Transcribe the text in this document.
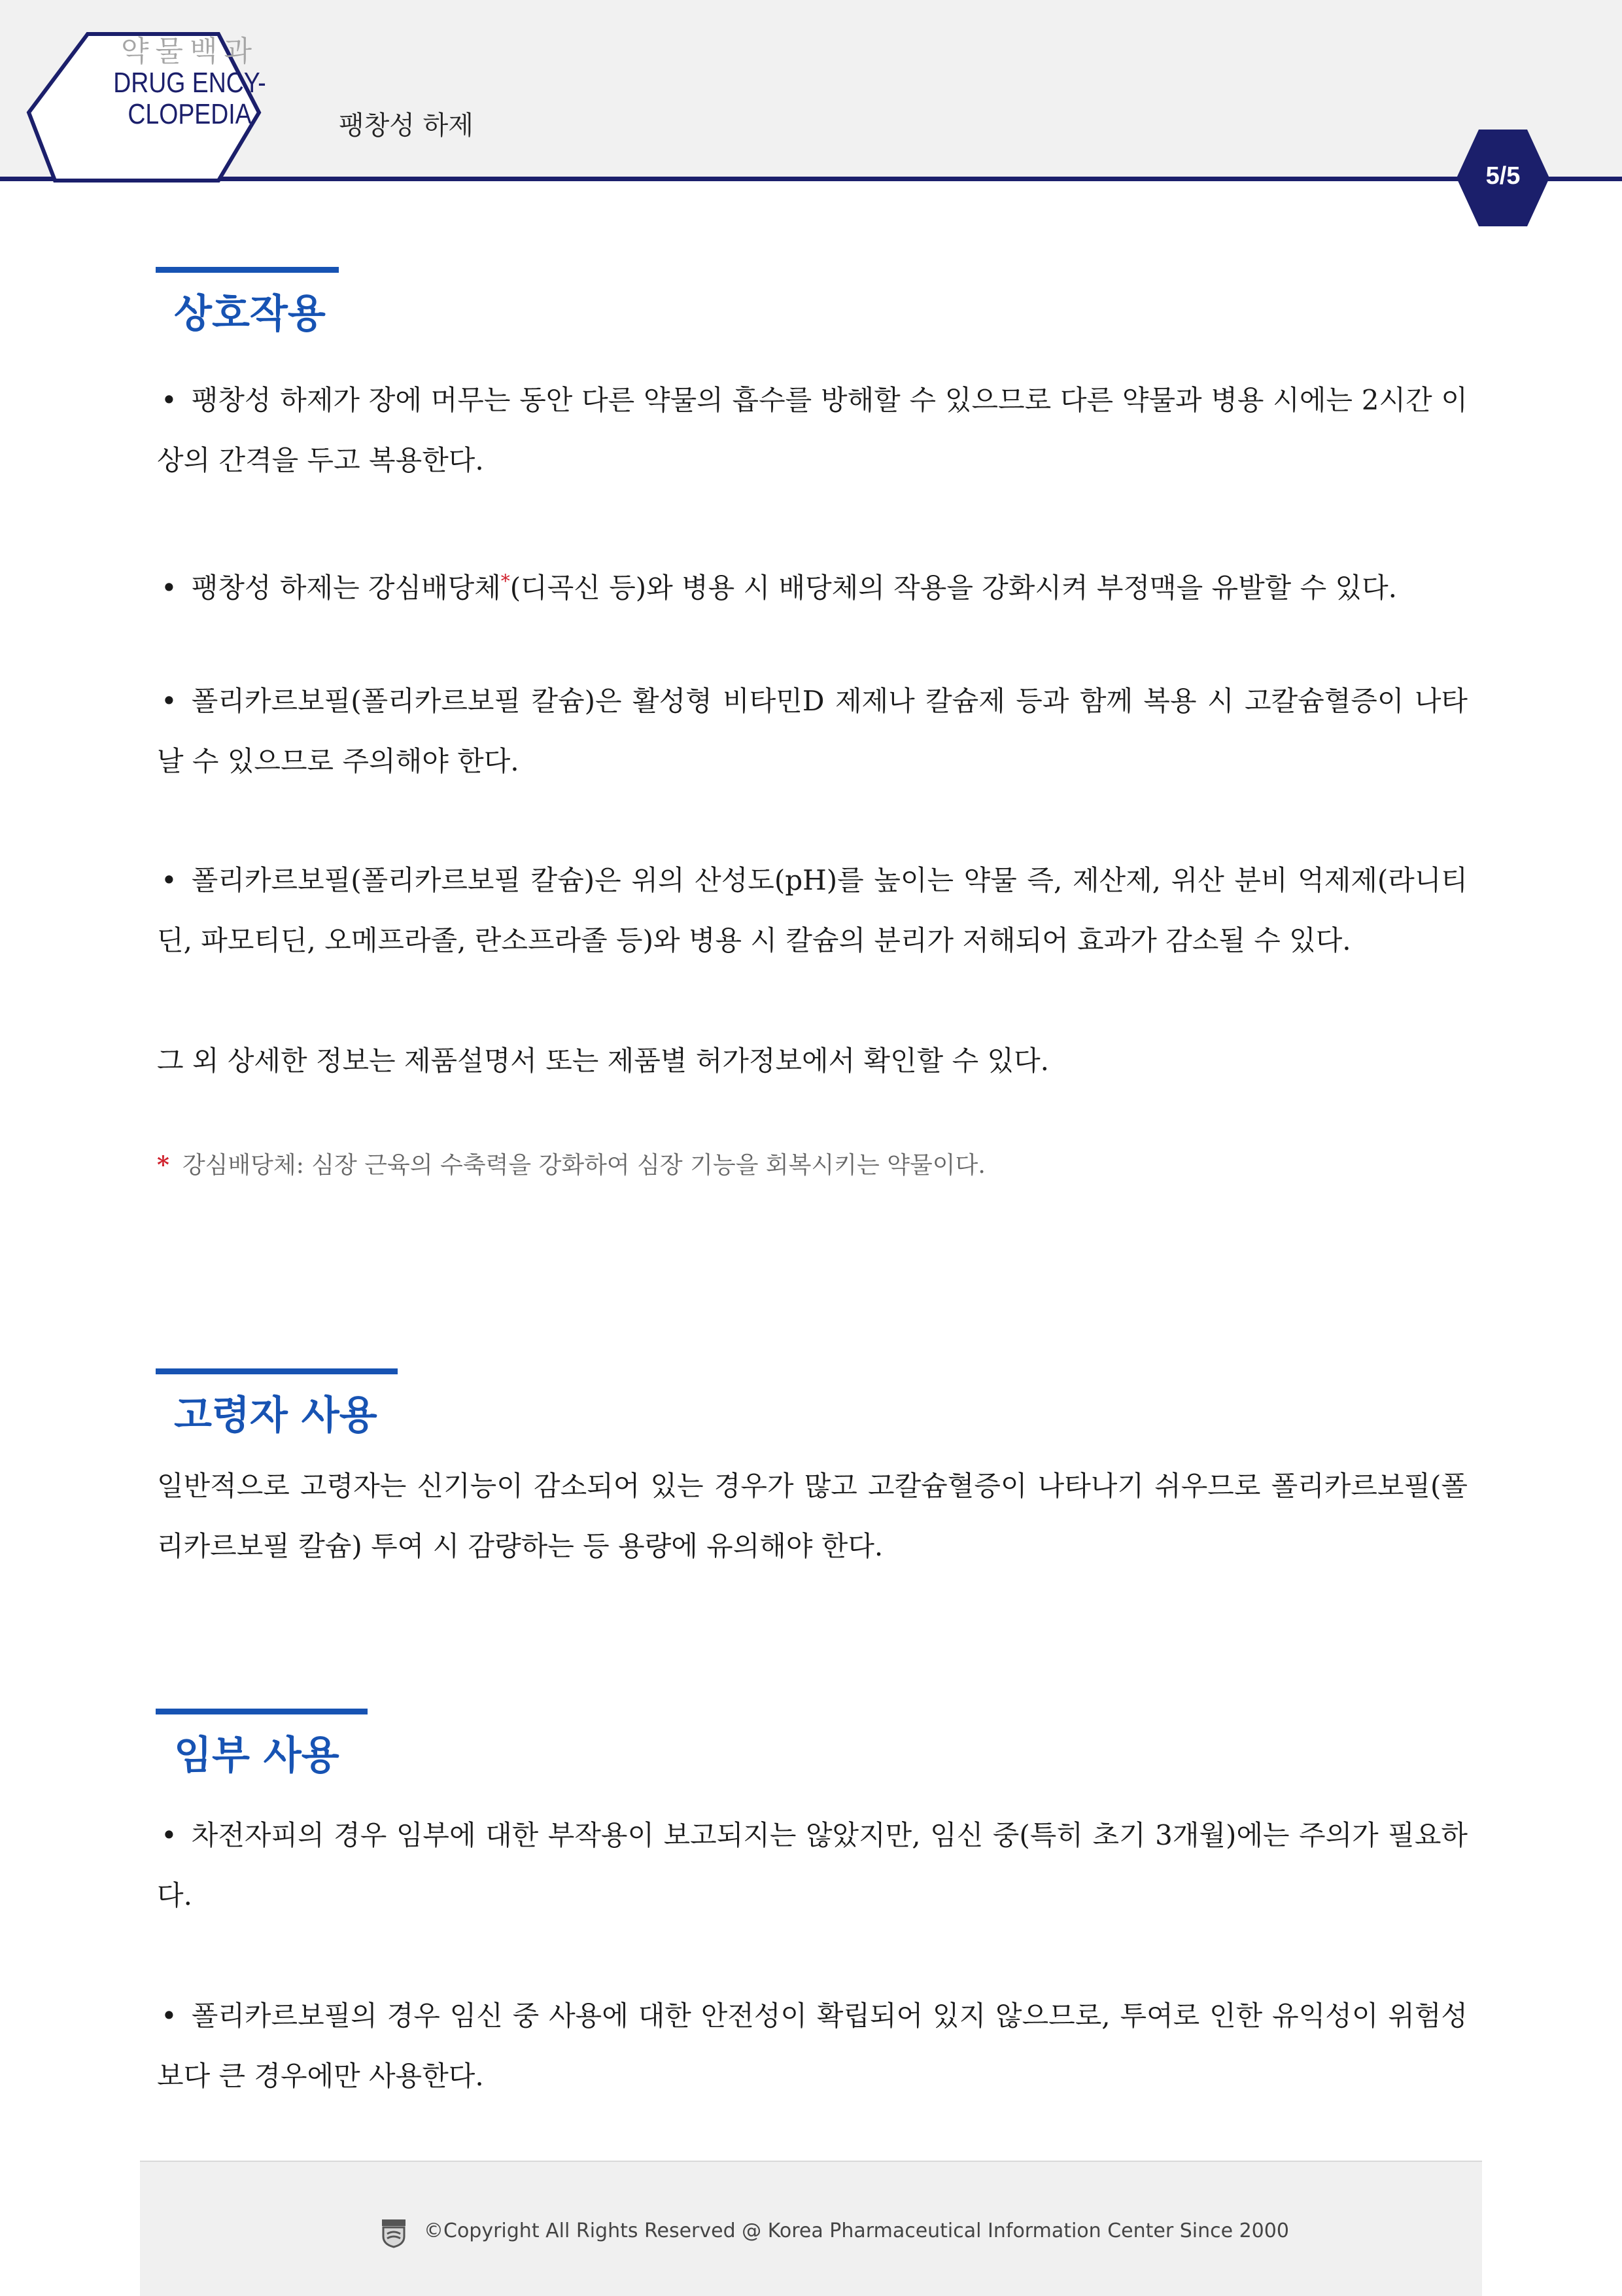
약물백과
DRUG ENCY-
CLOPEDIA	팽창성 하제
5/5
상호작용
• 팽창성 하제가 장에 머무는 동안 다른 약물의 흡수를 방해할 수 있으므로 다른 약물과 병용 시에는 2시간 이상의 간격을 두고 복용한다.
• 팽창성 하제는 강심배당체*(디곡신 등)와 병용 시 배당체의 작용을 강화시켜 부정맥을 유발할 수 있다.
• 폴리카르보필(폴리카르보필 칼슘)은 활성형 비타민D 제제나 칼슘제 등과 함께 복용 시 고칼슘혈증이 나타날 수 있으므로 주의해야 한다.
• 폴리카르보필(폴리카르보필 칼슘)은 위의 산성도(pH)를 높이는 약물 즉, 제산제, 위산 분비 억제제(라니티딘, 파모티딘, 오메프라졸, 란소프라졸 등)와 병용 시 칼슘의 분리가 저해되어 효과가 감소될 수 있다.
그 외 상세한 정보는 제품설명서 또는 제품별 허가정보에서 확인할 수 있다.
* 강심배당체: 심장 근육의 수축력을 강화하여 심장 기능을 회복시키는 약물이다.
고령자 사용
일반적으로 고령자는 신기능이 감소되어 있는 경우가 많고 고칼슘혈증이 나타나기 쉬우므로 폴리카르보필(폴리카르보필 칼슘) 투여 시 감량하는 등 용량에 유의해야 한다.
임부 사용
• 차전자피의 경우 임부에 대한 부작용이 보고되지는 않았지만, 임신 중(특히 초기 3개월)에는 주의가 필요하다.
• 폴리카르보필의 경우 임신 중 사용에 대한 안전성이 확립되어 있지 않으므로, 투여로 인한 유익성이 위험성보다 큰 경우에만 사용한다.
©Copyright All Rights Reserved @ Korea Pharmaceutical Information Center Since 2000
